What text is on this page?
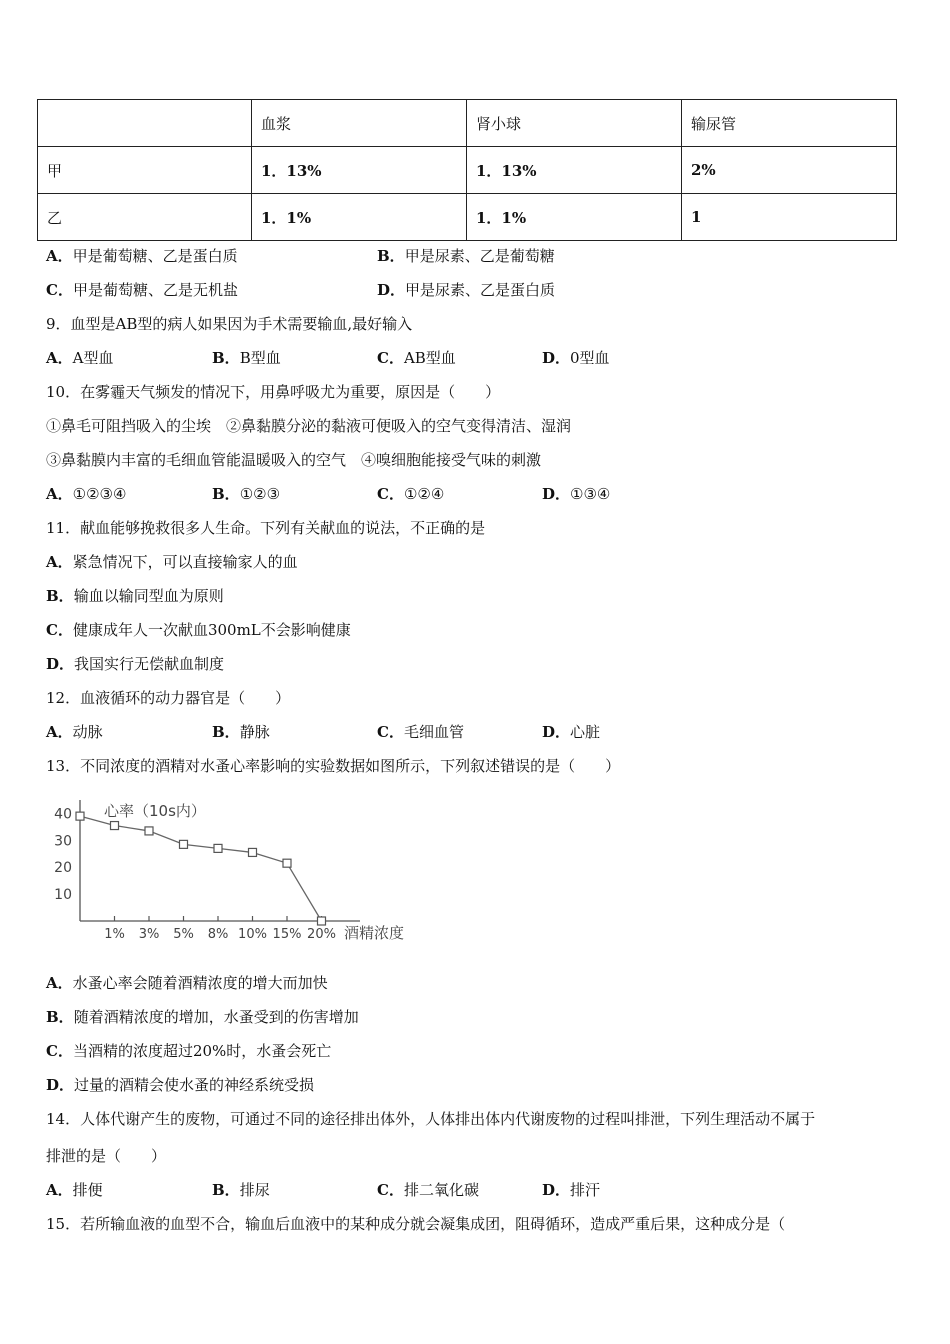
	血浆	肾小球	输尿管
甲	1．13%	1．13%	2%
乙	1．1%	1．1%	1
A．甲是葡萄糖、乙是蛋白质	B．甲是尿素、乙是葡萄糖
C．甲是葡萄糖、乙是无机盐	D．甲是尿素、乙是蛋白质
9．血型是AB型的病人如果因为手术需要输血,最好输入
A．A型血	B．B型血	C．AB型血	D．0型血
10．在雾霾天气频发的情况下，用鼻呼吸尤为重要，原因是（　　）
①鼻毛可阻挡吸入的尘埃　②鼻黏膜分泌的黏液可便吸入的空气变得清洁、湿润
③鼻黏膜内丰富的毛细血管能温暖吸入的空气　④嗅细胞能接受气味的刺激
A．①②③④	B．①②③	C．①②④	D．①③④
11．献血能够挽救很多人生命。下列有关献血的说法，不正确的是
A．紧急情况下，可以直接输家人的血
B．输血以输同型血为原则
C．健康成年人一次献血300mL不会影响健康
D．我国实行无偿献血制度
12．血液循环的动力器官是（　　）
A．动脉	B．静脉	C．毛细血管	D．心脏
13．不同浓度的酒精对水蚤心率影响的实验数据如图所示，下列叙述错误的是（　　）
心率（10s内）
酒精浓度
10
20
30
40
1% 3% 5% 8% 10% 15% 20%
A．水蚤心率会随着酒精浓度的增大而加快
B．随着酒精浓度的增加，水蚤受到的伤害增加
C．当酒精的浓度超过20%时，水蚤会死亡
D．过量的酒精会使水蚤的神经系统受损
14．人体代谢产生的废物，可通过不同的途径排出体外，人体排出体内代谢废物的过程叫排泄，下列生理活动不属于
排泄的是（　　）
A．排便	B．排尿	C．排二氧化碳	D．排汗
15．若所输血液的血型不合，输血后血液中的某种成分就会凝集成团，阻碍循环，造成严重后果，这种成分是（
